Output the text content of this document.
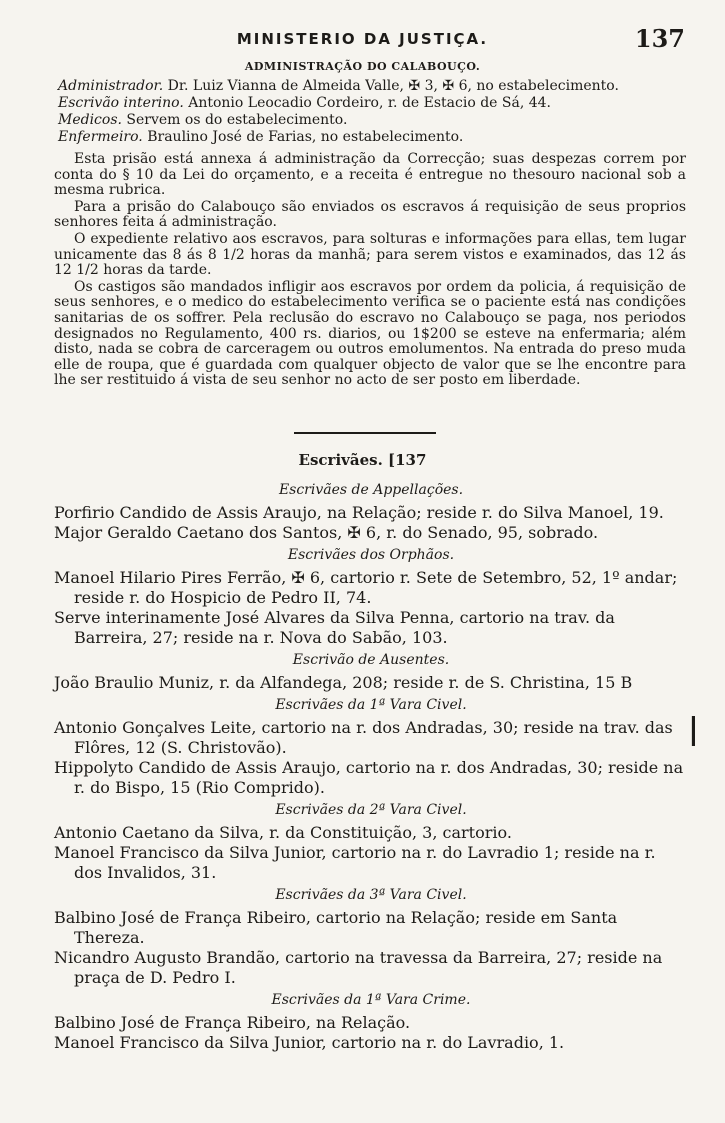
MINISTERIO DA JUSTIÇA.	137
ADMINISTRAÇÃO DO CALABOUÇO.
Administrador. Dr. Luiz Vianna de Almeida Valle, ✠ 3, ✠ 6, no estabelecimento.
Escrivão interino. Antonio Leocadio Cordeiro, r. de Estacio de Sá, 44.
Medicos. Servem os do estabelecimento.
Enfermeiro. Braulino José de Farias, no estabelecimento.

Esta prisão está annexa á administração da Correcção; suas despezas correm por conta do § 10 da Lei do orçamento, e a receita é entregue no thesouro nacional sob a mesma rubrica.

Para a prisão do Calabouço são enviados os escravos á requisição de seus proprios senhores feita á administração.

O expediente relativo aos escravos, para solturas e informações para ellas, tem lugar unicamente das 8 ás 8 1/2 horas da manhã; para serem vistos e examinados, das 12 ás 12 1/2 horas da tarde.

Os castigos são mandados infligir aos escravos por ordem da policia, á requisição de seus senhores, e o medico do estabelecimento verifica se o paciente está nas condições sanitarias de os soffrer. Pela reclusão do escravo no Calabouço se paga, nos periodos designados no Regulamento, 400 rs. diarios, ou 1$200 se esteve na enfermaria; além disto, nada se cobra de carceragem ou outros emolumentos. Na entrada do preso muda elle de roupa, que é guardada com qualquer objecto de valor que se lhe encontre para lhe ser restituido á vista de seu senhor no acto de ser posto em liberdade.

Escrivães. [137
Escrivães de Appellações.
Porfirio Candido de Assis Araujo, na Relação; reside r. do Silva Manoel, 19.
Major Geraldo Caetano dos Santos, ✠ 6, r. do Senado, 95, sobrado.
Escrivães dos Orphãos.
Manoel Hilario Pires Ferrão, ✠ 6, cartorio r. Sete de Setembro, 52, 1º andar; reside r. do Hospicio de Pedro II, 74.
Serve interinamente José Alvares da Silva Penna, cartorio na trav. da Barreira, 27; reside na r. Nova do Sabão, 103.
Escrivão de Ausentes.
João Braulio Muniz, r. da Alfandega, 208; reside r. de S. Christina, 15 B
Escrivães da 1ª Vara Civel.
Antonio Gonçalves Leite, cartorio na r. dos Andradas, 30; reside na trav. das Flôres, 12 (S. Christovão).
Hippolyto Candido de Assis Araujo, cartorio na r. dos Andradas, 30; reside na r. do Bispo, 15 (Rio Comprido).
Escrivães da 2ª Vara Civel.
Antonio Caetano da Silva, r. da Constituição, 3, cartorio.
Manoel Francisco da Silva Junior, cartorio na r. do Lavradio 1; reside na r. dos Invalidos, 31.
Escrivães da 3ª Vara Civel.
Balbino José de França Ribeiro, cartorio na Relação; reside em Santa Thereza.
Nicandro Augusto Brandão, cartorio na travessa da Barreira, 27; reside na praça de D. Pedro I.
Escrivães da 1ª Vara Crime.
Balbino José de França Ribeiro, na Relação.
Manoel Francisco da Silva Junior, cartorio na r. do Lavradio, 1.
|
